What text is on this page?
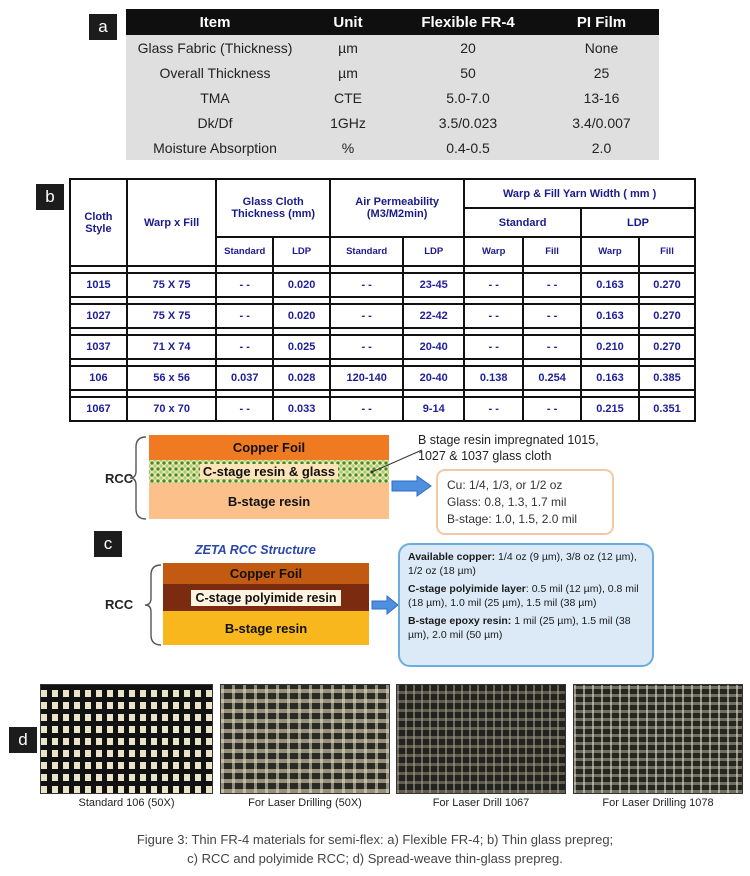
a
b
c
d
Item	Unit	Flexible FR-4	PI Film
Glass Fabric (Thickness)	µm	20	None
Overall Thickness	µm	50	25
TMA	CTE	5.0-7.0	13-16
Dk/Df	1GHz	3.5/0.023	3.4/0.007
Moisture Absorption	%	0.4-0.5	2.0
Cloth Style	Warp x Fill	Glass Cloth Thickness (mm)		Air Permeability (M3/M2min)		Warp & Fill Yarn Width ( mm )			
						Standard		LDP	
		Standard	LDP	Standard	LDP	Warp	Fill	Warp	Fill

1015	75 X 75	- -	0.020	- -	23-45	- -	- -	0.163	0.270

1027	75 X 75	- -	0.020	- -	22-42	- -	- -	0.163	0.270

1037	71 X 74	- -	0.025	- -	20-40	- -	- -	0.210	0.270

106	56 x 56	0.037	0.028	120-140	20-40	0.138	0.254	0.163	0.385

1067	70 x 70	- -	0.033	- -	9-14	- -	- -	0.215	0.351
RCC
Copper Foil
C-stage resin & glass
B-stage resin
B stage resin impregnated 1015,
1027 & 1037 glass cloth
Cu: 1/4, 1/3, or 1/2 oz
Glass: 0.8, 1.3, 1.7 mil
B-stage: 1.0, 1.5, 2.0 mil
ZETA RCC Structure
RCC
Copper Foil
C-stage polyimide resin
B-stage resin

Available copper: 1/4 oz (9 µm), 3/8 oz (12 µm), 1/2 oz (18 µm)

C-stage polyimide layer: 0.5 mil (12 µm), 0.8 mil (18 µm), 1.0 mil (25 µm), 1.5 mil (38 µm)

B-stage epoxy resin: 1 mil (25 µm), 1.5 mil (38 µm), 2.0 mil (50 µm)

Standard 106 (50X)	For Laser Drilling (50X)	For Laser Drill 1067	For Laser Drilling 1078
Figure 3: Thin FR-4 materials for semi-flex: a) Flexible FR-4; b) Thin glass prepreg;
c) RCC and polyimide RCC; d) Spread-weave thin-glass prepreg.
